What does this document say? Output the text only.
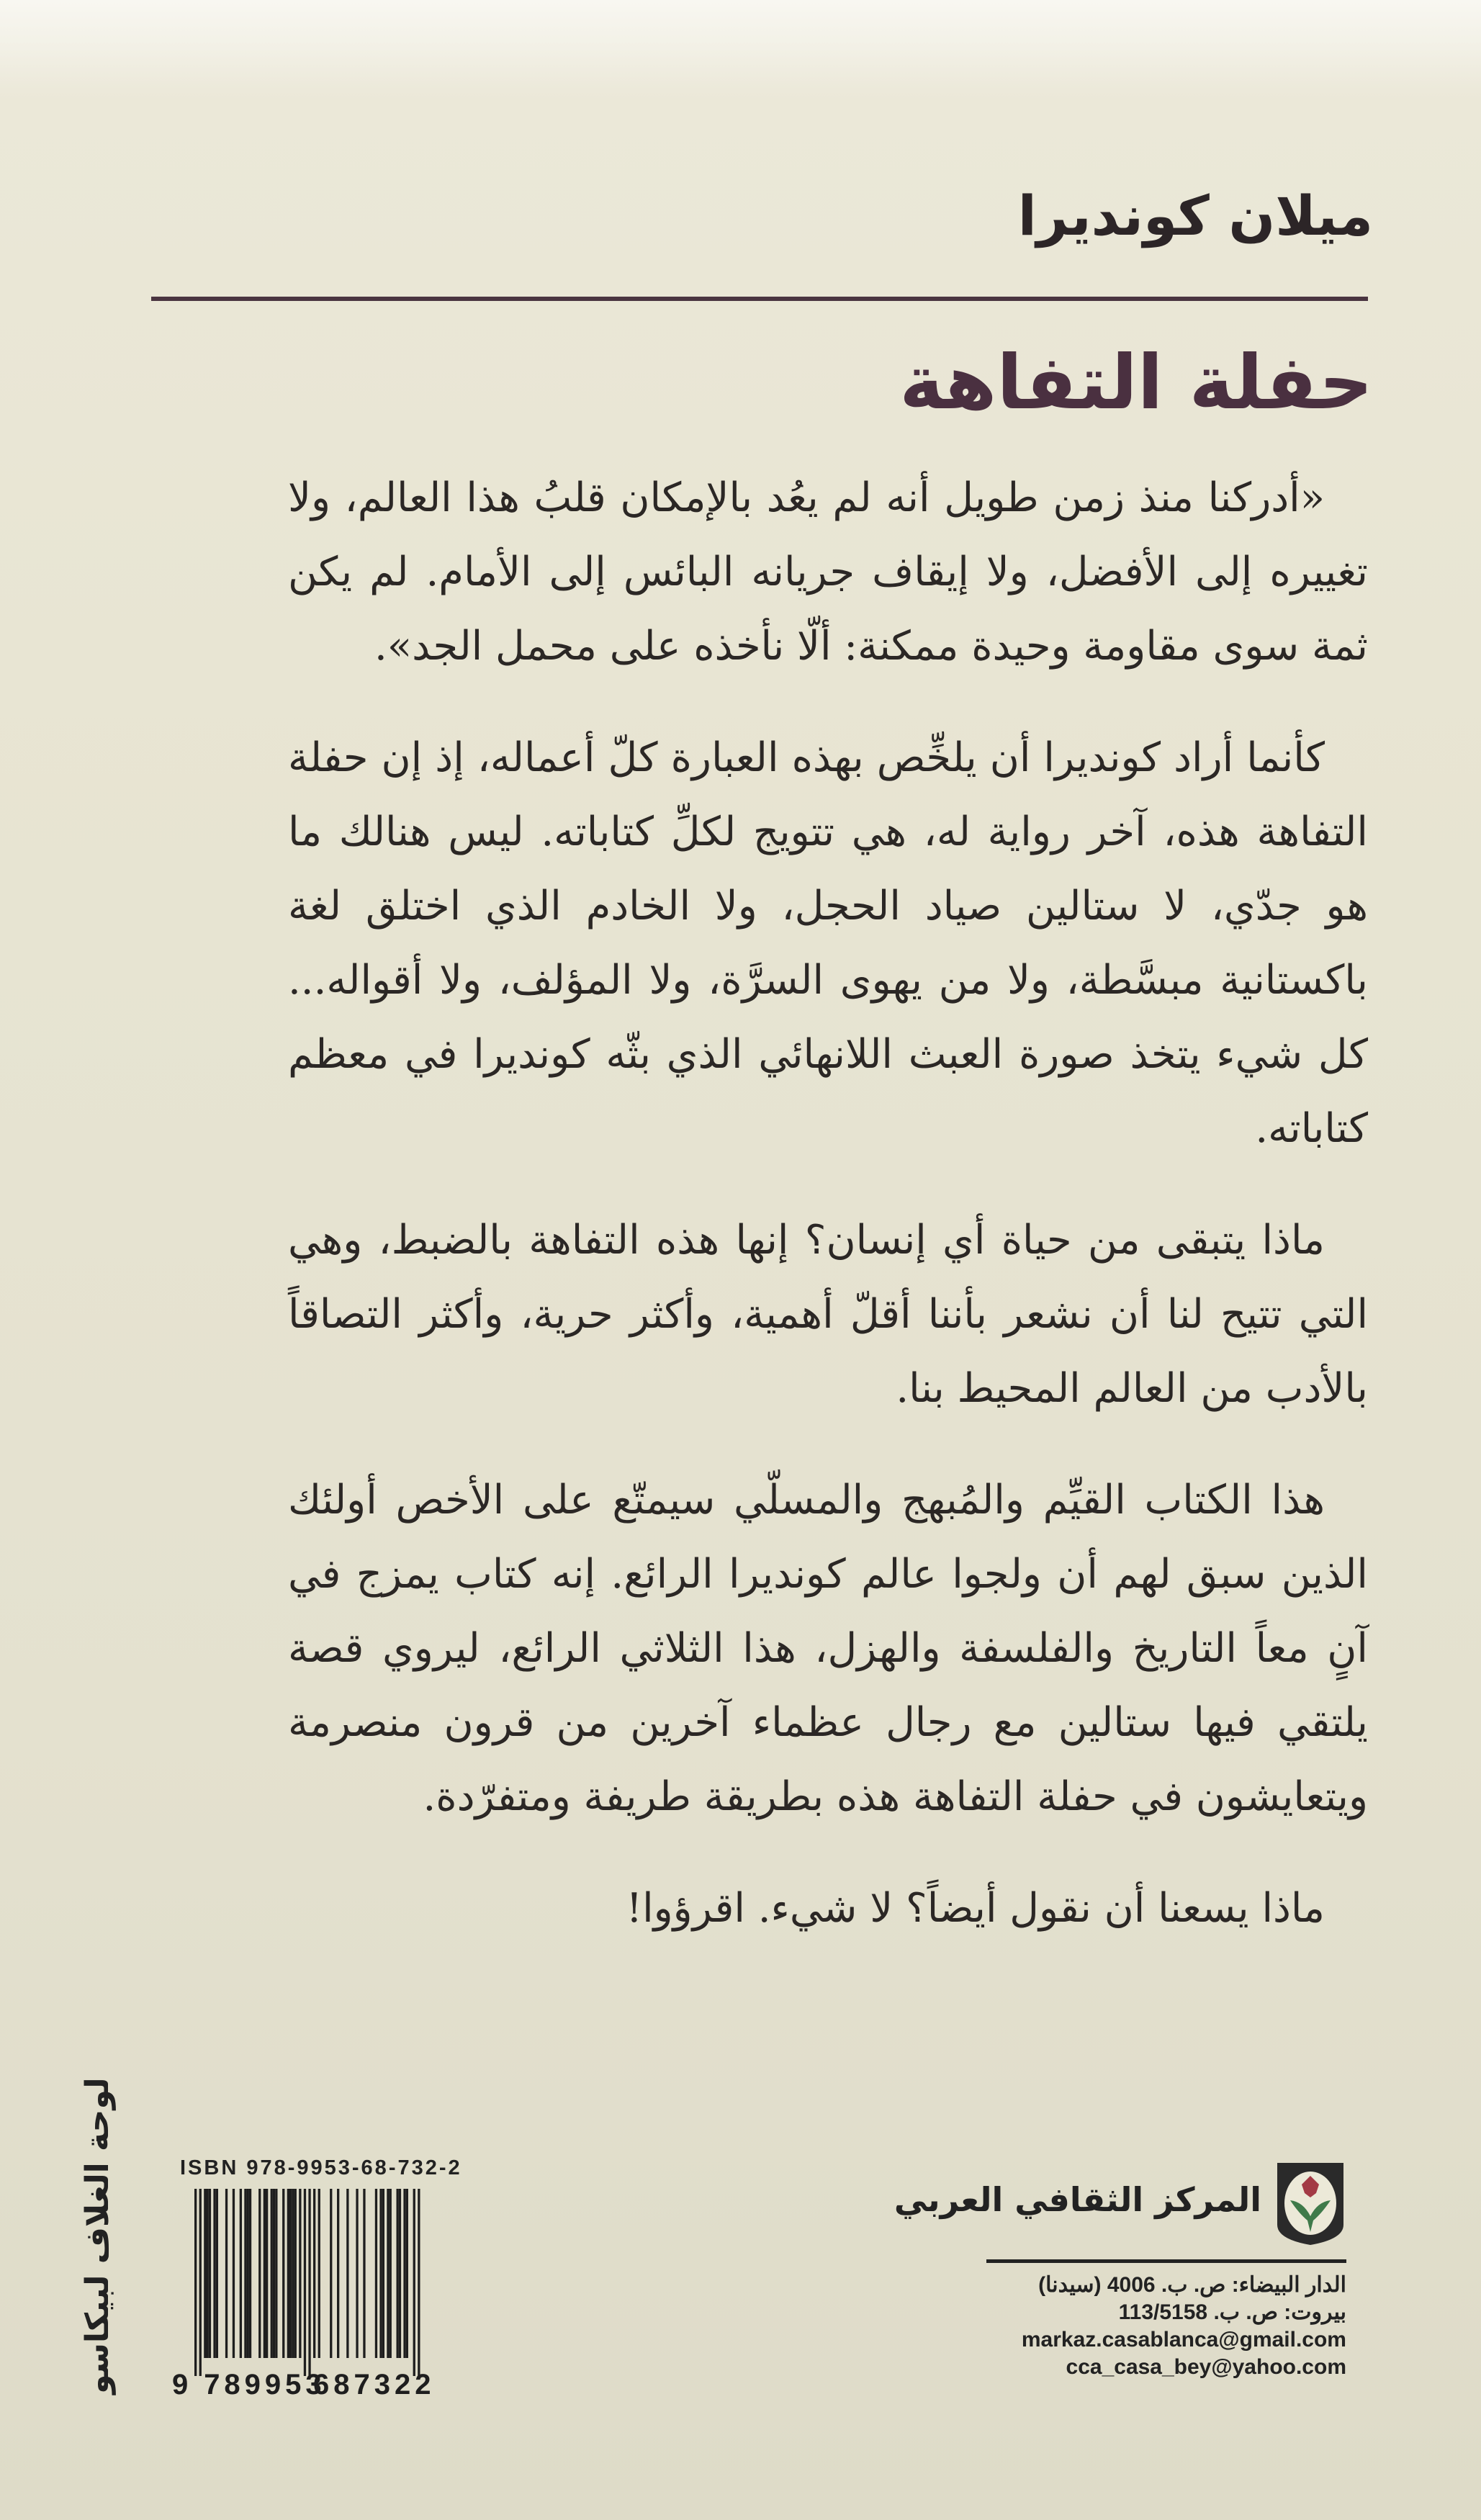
ميلان كونديرا
حفلة التفاهة

«أدركنا منذ زمن طويل أنه لم يعُد بالإمكان قلبُ هذا العالم، ولا تغييره إلى الأفضل، ولا إيقاف جريانه البائس إلى الأمام. لم يكن ثمة سوى مقاومة وحيدة ممكنة: ألّا نأخذه على محمل الجد».

كأنما أراد كونديرا أن يلخِّص بهذه العبارة كلّ أعماله، إذ إن حفلة التفاهة هذه، آخر رواية له، هي تتويج لكلِّ كتاباته. ليس هنالك ما هو جدّي، لا ستالين صياد الحجل، ولا الخادم الذي اختلق لغة باكستانية مبسَّطة، ولا من يهوى السرَّة، ولا المؤلف، ولا أقواله... كل شيء يتخذ صورة العبث اللانهائي الذي بثّه كونديرا في معظم كتاباته.

ماذا يتبقى من حياة أي إنسان؟ إنها هذه التفاهة بالضبط، وهي التي تتيح لنا أن نشعر بأننا أقلّ أهمية، وأكثر حرية، وأكثر التصاقاً بالأدب من العالم المحيط بنا.

هذا الكتاب القيِّم والمُبهج والمسلّي سيمتّع على الأخص أولئك الذين سبق لهم أن ولجوا عالم كونديرا الرائع. إنه كتاب يمزج في آنٍ معاً التاريخ والفلسفة والهزل، هذا الثلاثي الرائع، ليروي قصة يلتقي فيها ستالين مع رجال عظماء آخرين من قرون منصرمة ويتعايشون في حفلة التفاهة هذه بطريقة طريفة ومتفرّدة.

ماذا يسعنا أن نقول أيضاً؟ لا شيء. اقرؤوا!

المركز الثقافي العربي
الدار البيضاء: ص. ب. 4006 (سيدنا)
بيروت: ص. ب. 113/5158
markaz.casablanca@gmail.com
cca_casa_bey@yahoo.com
ISBN 978-9953-68-732-2
9 789953
687322
لوحة الغلاف لبيكاسو
